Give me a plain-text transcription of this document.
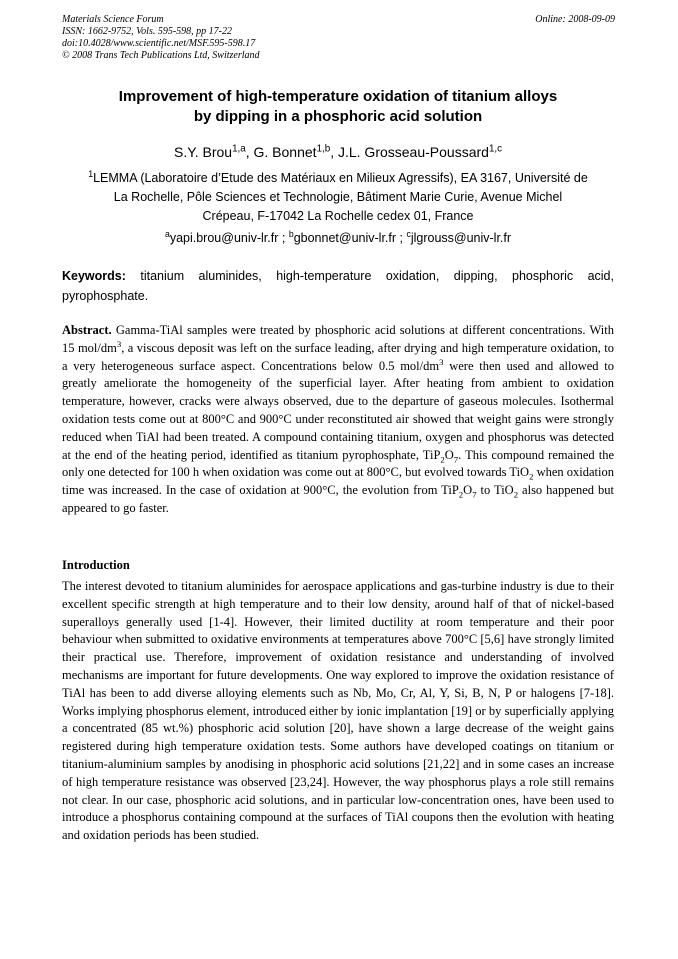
Materials Science Forum
ISSN: 1662-9752, Vols. 595-598, pp 17-22
doi:10.4028/www.scientific.net/MSF.595-598.17
© 2008 Trans Tech Publications Ltd, Switzerland
Online: 2008-09-09
Improvement of high-temperature oxidation of titanium alloys
by dipping in a phosphoric acid solution
S.Y. Brou$^{1,a}$, G. Bonnet$^{1,b}$, J.L. Grosseau-Poussard$^{1,c}$
$^1$LEMMA (Laboratoire d’Etude des Matériaux en Milieux Agressifs), EA 3167, Université de
La Rochelle, Pôle Sciences et Technologie, Bâtiment Marie Curie, Avenue Michel
Crépeau, F-17042 La Rochelle cedex 01, France
$^a$yapi.brou@univ-lr.fr ; $^b$gbonnet@univ-lr.fr ; $^c$jlgrouss@univ-lr.fr
Keywords: titanium aluminides, high-temperature oxidation, dipping, phosphoric acid, pyrophosphate.
Abstract. Gamma-TiAl samples were treated by phosphoric acid solutions at different concentrations. With 15 mol/$dm^3$, a viscous deposit was left on the surface leading, after drying and high temperature oxidation, to a very heterogeneous surface aspect. Concentrations below 0.5 mol/$dm^3$ were then used and allowed to greatly ameliorate the homogeneity of the superficial layer. After heating from ambient to oxidation temperature, however, cracks were always observed, due to the departure of gaseous molecules. Isothermal oxidation tests come out at 800°C and 900°C under reconstituted air showed that weight gains were strongly reduced when TiAl had been treated. A compound containing titanium, oxygen and phosphorus was detected at the end of the heating period, identified as titanium pyrophosphate, $TiP_2O_7$. This compound remained the only one detected for 100 h when oxidation was come out at 800°C, but evolved towards TiO$_2$ when oxidation time was increased. In the case of oxidation at 900°C, the evolution from $TiP_2O_7$ to TiO$_2$ also happened but appeared to go faster.
Introduction
The interest devoted to titanium aluminides for aerospace applications and gas-turbine industry is due to their excellent specific strength at high temperature and to their low density, around half of that of nickel-based superalloys generally used [1-4]. However, their limited ductility at room temperature and their poor behaviour when submitted to oxidative environments at temperatures above 700°C [5,6] have strongly limited their practical use. Therefore, improvement of oxidation resistance and understanding of involved mechanisms are important for future developments. One way explored to improve the oxidation resistance of TiAl has been to add diverse alloying elements such as Nb, Mo, Cr, Al, Y, Si, B, N, P or halogens [7-18]. Works implying phosphorus element, introduced either by ionic implantation [19] or by superficially applying a concentrated (85 wt.%) phosphoric acid solution [20], have shown a large decrease of the weight gains registered during high temperature oxidation tests. Some authors have developed coatings on titanium or titanium-aluminium samples by anodising in phosphoric acid solutions [21,22] and in some cases an increase of high temperature resistance was observed [23,24]. However, the way phosphorus plays a role still remains not clear. In our case, phosphoric acid solutions, and in particular low-concentration ones, have been used to introduce a phosphorus containing compound at the surfaces of TiAl coupons then the evolution with heating and oxidation periods has been studied.
